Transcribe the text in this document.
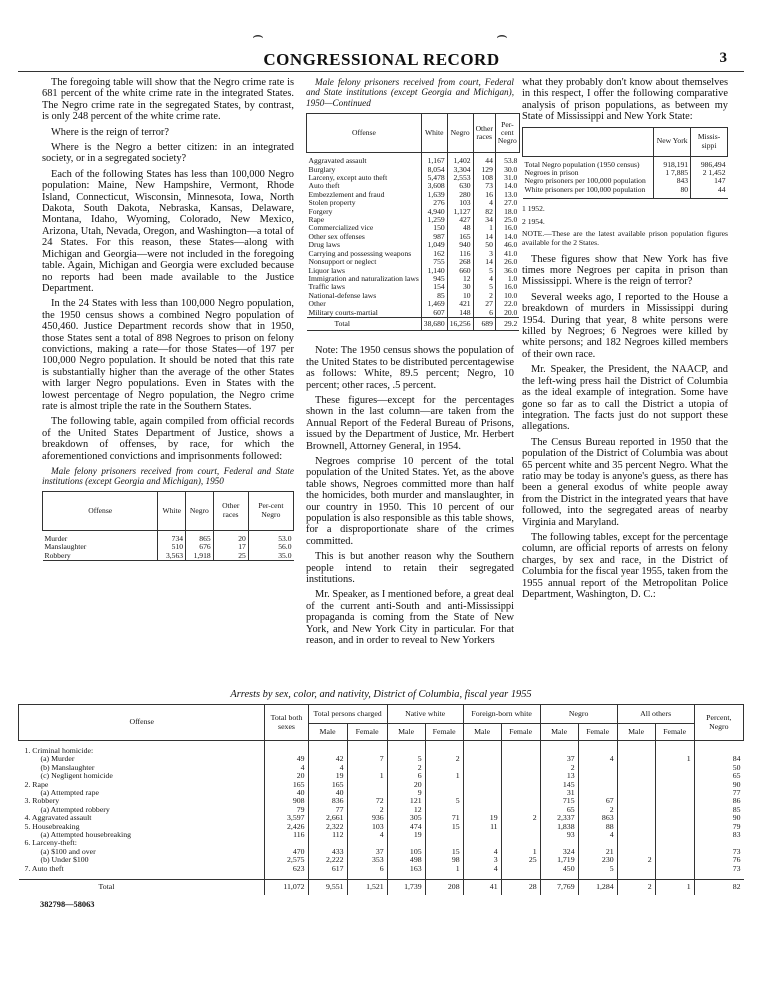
⌢	⌢
CONGRESSIONAL RECORD	3

The foregoing table will show that the Negro crime rate is 681 percent of the white crime rate in the integrated States. The Negro crime rate in the segregated States, by contrast, is only 248 percent of the white crime rate.

Where is the reign of terror?

Where is the Negro a better citizen: in an integrated society, or in a segregated society?

Each of the following States has less than 100,000 Negro population: Maine, New Hampshire, Vermont, Rhode Island, Connecticut, Wisconsin, Minnesota, Iowa, North Dakota, South Dakota, Nebraska, Kansas, Delaware, Montana, Idaho, Wyoming, Colorado, New Mexico, Arizona, Utah, Nevada, Oregon, and Washington—a total of 24 States. For this reason, these States—along with Michigan and Georgia—were not included in the foregoing table. Again, Michigan and Georgia were excluded because no reports had been made available to the Justice Department.

In the 24 States with less than 100,000 Negro population, the 1950 census shows a combined Negro population of 450,460. Justice Department records show that in 1950, those States sent a total of 898 Negroes to prison on felony convictions, making a rate—for those States—of 197 per 100,000 Negro population. It should be noted that this rate is substantially higher than the average of the other States with larger Negro populations. Even in States with the lowest percentage of Negro population, the Negro crime rate is almost triple the rate in the Southern States.

The following table, again compiled from official records of the United States Department of Justice, shows a breakdown of offenses, by race, for which the aforementioned convictions and imprisonments followed:

Male felony prisoners received from court, Federal and State institutions (except Georgia and Michigan), 1950

Offense	White	Negro	Other races	Per-cent Negro
Murder	734	865	20	53.0
Manslaughter	510	676	17	56.0
Robbery	3,563	1,918	25	35.0

Male felony prisoners received from court, Federal and State institutions (except Georgia and Michigan), 1950—Continued

Offense	White	Negro	Other races	Per-cent Negro
Aggravated assault	1,167	1,402	44	53.8
Burglary	8,054	3,304	129	30.0
Larceny, except auto theft	5,478	2,553	108	31.0
Auto theft	3,608	630	73	14.0
Embezzlement and fraud	1,639	280	16	13.0
Stolen property	276	103	4	27.0
Forgery	4,940	1,127	82	18.0
Rape	1,259	427	34	25.0
Commercialized vice	150	48	1	16.0
Other sex offenses	987	165	14	14.0
Drug laws	1,049	940	50	46.0
Carrying and possessing weapons	162	116	3	41.0
Nonsupport or neglect	755	268	14	26.0
Liquor laws	1,140	660	5	36.0
Immigration and naturalization laws	945	12	4	1.0
Traffic laws	154	30	5	16.0
National-defense laws	85	10	2	10.0
Other	1,469	421	27	22.0
Military courts-martial	607	148	6	20.0
Total	38,680	16,256	689	29.2

Note: The 1950 census shows the population of the United States to be distributed percentagewise as follows: White, 89.5 percent; Negro, 10 percent; other races, .5 percent.

These figures—except for the percentages shown in the last column—are taken from the Annual Report of the Federal Bureau of Prisons, issued by the Department of Justice, Mr. Herbert Brownell, Attorney General, in 1954.

Negroes comprise 10 percent of the total population of the United States. Yet, as the above table shows, Negroes committed more than half the homicides, both murder and manslaughter, in our country in 1950. This 10 percent of our population is also responsible as this table shows, for a disproportionate share of the crimes committed.

This is but another reason why the Southern people intend to retain their segregated institutions.

Mr. Speaker, as I mentioned before, a great deal of the current anti-South and anti-Mississippi propaganda is coming from the State of New York, and New York City in particular. For that reason, and in order to reveal to New Yorkers

what they probably don't know about themselves in this respect, I offer the following comparative analysis of prison populations, as between my State of Mississippi and New York State:

	New York	Missis-sippi
Total Negro population (1950 census)	918,191	986,494
Negroes in prison	1 7,885	2 1,452
Negro prisoners per 100,000 population	843	147
White prisoners per 100,000 population	80	44

1 1952.

2 1954.

NOTE.—These are the latest available prison population figures available for the 2 States.

These figures show that New York has five times more Negroes per capita in prison than Mississippi. Where is the reign of terror?

Several weeks ago, I reported to the House a breakdown of murders in Mississippi during 1954. During that year, 8 white persons were killed by Negroes; 6 Negroes were killed by white persons; and 182 Negroes killed members of their own race.

Mr. Speaker, the President, the NAACP, and the left-wing press hail the District of Columbia as the ideal example of integration. Some have gone so far as to call the District a utopia of integration. The facts just do not support these allegations.

The Census Bureau reported in 1950 that the population of the District of Columbia was about 65 percent white and 35 percent Negro. What the ratio may be today is anyone's guess, as there has been a general exodus of white people away from the District in the integrated years that have followed, into the segregated areas of nearby Virginia and Maryland.

The following tables, except for the percentage column, are official reports of arrests on felony charges, by sex and race, in the District of Columbia for the fiscal year 1955, taken from the 1955 annual report of the Metropolitan Police Department, Washington, D. C.:

Arrests by sex, color, and nativity, District of Columbia, fiscal year 1955
Offense	Total both sexes	Total persons charged		Native white		Foreign-born white		Negro		All others		Percent, Negro
		Male	Female	Male	Female	Male	Female	Male	Female	Male	Female	
1. Criminal homicide:												
(a) Murder	49	42	7	5	2			37	4		1	84
(b) Manslaughter	4	4		2				2				50
(c) Negligent homicide	20	19	1	6	1			13				65
2. Rape	165	165		20				145				90
(a) Attempted rape	40	40		9				31				77
3. Robbery	908	836	72	121	5			715	67			86
(a) Attempted robbery	79	77	2	12				65	2			85
4. Aggravated assault	3,597	2,661	936	305	71	19	2	2,337	863			90
5. Housebreaking	2,426	2,322	103	474	15	11		1,838	88			79
(a) Attempted housebreaking	116	112	4	19				93	4			83
6. Larceny-theft:												
(a) $100 and over	470	433	37	105	15	4	1	324	21			73
(b) Under $100	2,575	2,222	353	498	98	3	25	1,719	230	2		76
7. Auto theft	623	617	6	163	1	4		450	5			73
Total	11,072	9,551	1,521	1,739	208	41	28	7,769	1,284	2	1	82
382798—58063
